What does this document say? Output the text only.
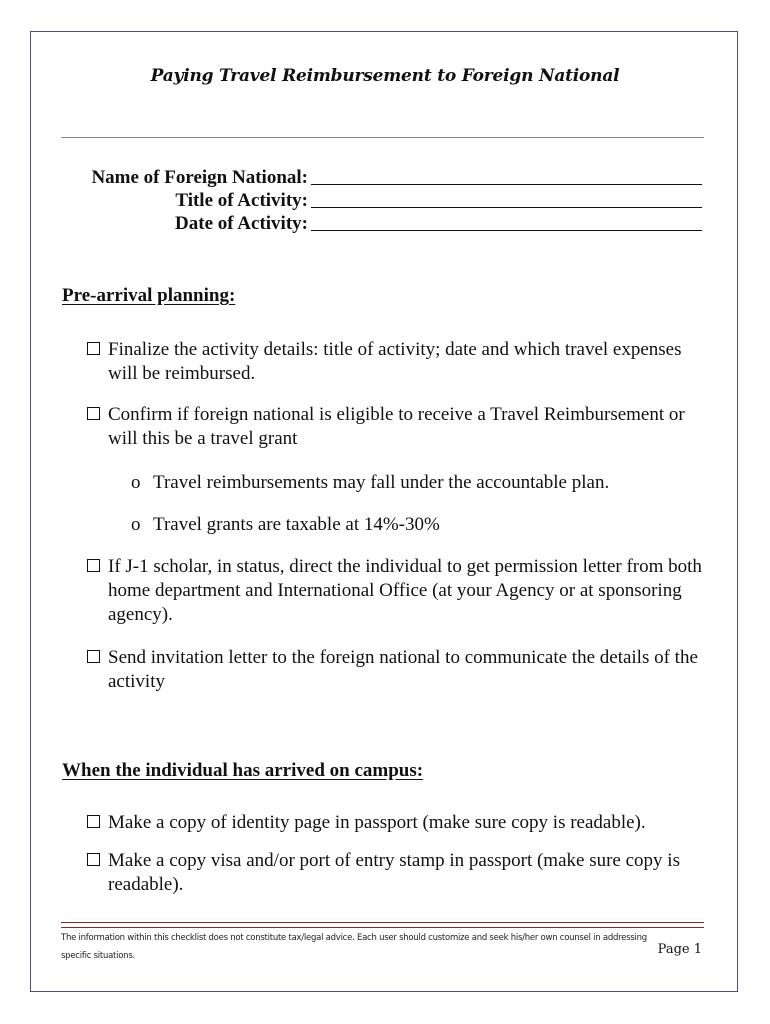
Paying Travel Reimbursement to Foreign National
Name of Foreign National:
Title of Activity:
Date of Activity:
Pre-arrival planning:
Finalize the activity details: title of activity; date and which travel expenses will be reimbursed.
Confirm if foreign national is eligible to receive a Travel Reimbursement or will this be a travel grant
o Travel reimbursements may fall under the accountable plan.
o Travel grants are taxable at 14%-30%
If J-1 scholar, in status, direct the individual to get permission letter from both home department and International Office (at your Agency or at sponsoring agency).
Send invitation letter to the foreign national to communicate the details of the activity
When the individual has arrived on campus:
Make a copy of identity page in passport (make sure copy is readable).
Make a copy visa and/or port of entry stamp in passport (make sure copy is readable).
The information within this checklist does not constitute tax/legal advice. Each user should customize and seek his/her own counsel in addressing
specific situations.	Page 1
